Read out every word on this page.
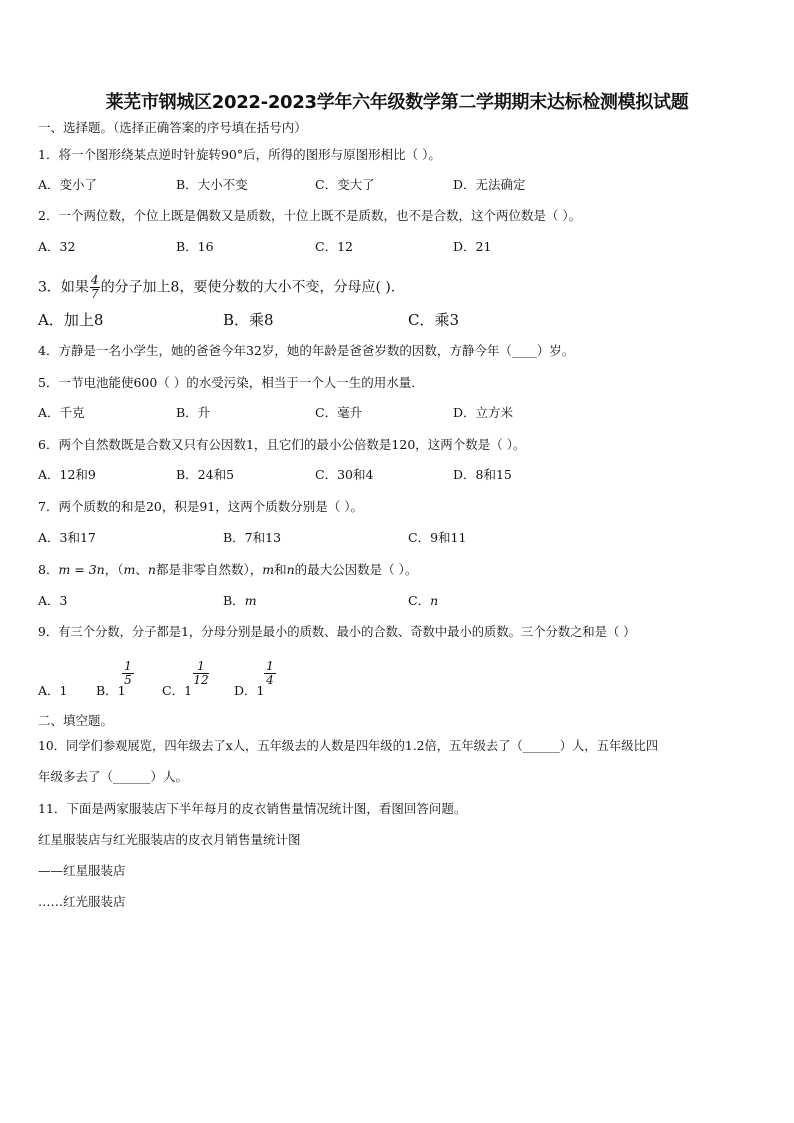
莱芜市钢城区2022-2023学年六年级数学第二学期期末达标检测模拟试题
一、选择题。（选择正确答案的序号填在括号内）
1．将一个图形绕某点逆时针旋转90°后，所得的图形与原图形相比（ ）。
A．变小了	B．大小不变	C．变大了	D．无法确定
2．一个两位数，个位上既是偶数又是质数，十位上既不是质数，也不是合数，这个两位数是（ ）。
A．32	B．16	C．12	D．21
3．如果 $\frac{4}{7}$ 的分子加上8，要使分数的大小不变，分母应( ).
A．加上8	B．乘8	C．乘3
4．方静是一名小学生，她的爸爸今年32岁，她的年龄是爸爸岁数的因数，方静今年（____）岁。
5．一节电池能使600（ ）的水受污染，相当于一个人一生的用水量．
A．千克	B．升	C．毫升	D．立方米
6．两个自然数既是合数又只有公因数1，且它们的最小公倍数是120，这两个数是（ ）。
A．12和9	B．24和5	C．30和4	D．8和15
7．两个质数的和是20，积是91，这两个质数分别是（ ）。
A．3和17	B．7和13	C．9和11
8．m = 3n，（m、n都是非零自然数），m和n的最大公因数是（ ）。
A．3	B．m	C．n
9．有三个分数，分子都是1，分母分别是最小的质数、最小的合数、奇数中最小的质数。三个分数之和是（ ）
A．1 B．1
$\frac{1}{5}$
C．1
$\frac{1}{12}$
D．1
$\frac{1}{4}$
二、填空题。
10．同学们参观展览，四年级去了x人，五年级去的人数是四年级的1.2倍，五年级去了（______）人，五年级比四
年级多去了（______）人。
11．下面是两家服装店下半年每月的皮衣销售量情况统计图，看图回答问题。
红星服装店与红光服装店的皮衣月销售量统计图
——红星服装店
……红光服装店
